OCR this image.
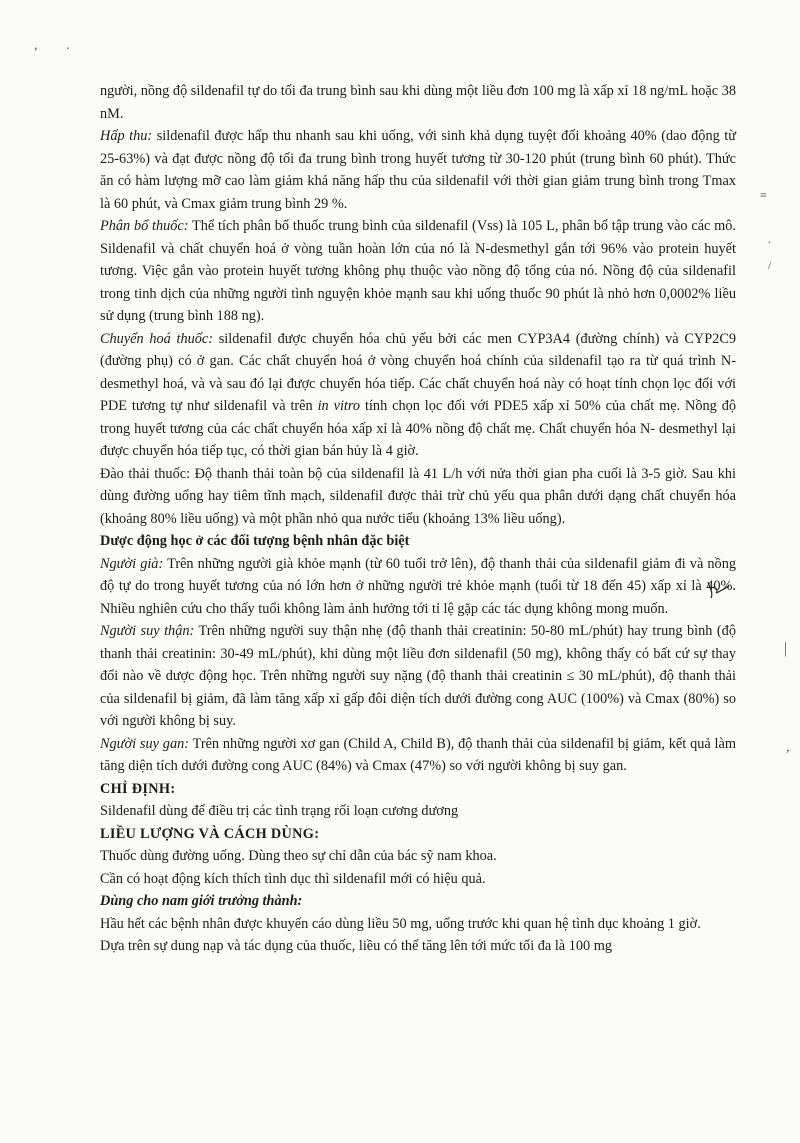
, .
≡
.
/
|
,

người, nồng độ sildenafil tự do tối đa trung bình sau khi dùng một liều đơn 100 mg là xấp xỉ 18 ng/mL hoặc 38 nM.

Hấp thu: sildenafil được hấp thu nhanh sau khi uống, với sinh khả dụng tuyệt đối khoảng 40% (dao động từ 25-63%) và đạt được nồng độ tối đa trung bình trong huyết tương từ 30-120 phút (trung bình 60 phút). Thức ăn có hàm lượng mỡ cao làm giảm khả năng hấp thu của sildenafil với thời gian giảm trung bình trong Tmax là 60 phút, và Cmax giảm trung bình 29 %.

Phân bổ thuốc: Thể tích phân bố thuốc trung bình của sildenafil (Vss) là 105 L, phân bố tập trung vào các mô. Sildenafil và chất chuyển hoá ở vòng tuần hoàn lớn của nó là N-desmethyl gắn tới 96% vào protein huyết tương. Việc gắn vào protein huyết tương không phụ thuộc vào nồng độ tổng của nó. Nồng độ của sildenafil trong tinh dịch của những người tình nguyện khỏe mạnh sau khi uống thuốc 90 phút là nhỏ hơn 0,0002% liều sử dụng (trung bình 188 ng).

Chuyển hoá thuốc: sildenafil được chuyển hóa chủ yếu bởi các men CYP3A4 (đường chính) và CYP2C9 (đường phụ) có ở gan. Các chất chuyển hoá ở vòng chuyển hoá chính của sildenafil tạo ra từ quá trình N-desmethyl hoá, và và sau đó lại được chuyển hóa tiếp. Các chất chuyển hoá này có hoạt tính chọn lọc đối với PDE tương tự như sildenafil và trên in vitro tính chọn lọc đối với PDE5 xấp xỉ 50% của chất mẹ. Nồng độ trong huyết tương của các chất chuyển hóa xấp xỉ là 40% nồng độ chất mẹ. Chất chuyển hóa N- desmethyl lại được chuyển hóa tiếp tục, có thời gian bán hủy là 4 giờ.

Đào thải thuốc: Độ thanh thải toàn bộ của sildenafil là 41 L/h với nửa thời gian pha cuối là 3-5 giờ. Sau khi dùng đường uống hay tiêm tĩnh mạch, sildenafil được thải trừ chủ yếu qua phân dưới dạng chất chuyển hóa (khoảng 80% liều uống) và một phần nhỏ qua nước tiểu (khoảng 13% liều uống).

Dược động học ở các đối tượng bệnh nhân đặc biệt

Người già: Trên những người già khỏe mạnh (từ 60 tuổi trở lên), độ thanh thải của sildenafil giảm đi và nồng độ tự do trong huyết tương của nó lớn hơn ở những người trẻ khỏe mạnh (tuổi từ 18 đến 45) xấp xỉ là 40%. Nhiều nghiên cứu cho thấy tuổi không làm ảnh hưởng tới tỉ lệ gặp các tác dụng không mong muốn.

Người suy thận: Trên những người suy thận nhẹ (độ thanh thải creatinin: 50-80 mL/phút) hay trung bình (độ thanh thải creatinin: 30-49 mL/phút), khi dùng một liều đơn sildenafil (50 mg), không thấy có bất cứ sự thay đổi nào về dược động học. Trên những người suy nặng (độ thanh thải creatinin ≤ 30 mL/phút), độ thanh thải của sildenafil bị giảm, đã làm tăng xấp xỉ gấp đôi diện tích dưới đường cong AUC (100%) và Cmax (80%) so với người không bị suy.

Người suy gan: Trên những người xơ gan (Child A, Child B), độ thanh thải của sildenafil bị giảm, kết quả làm tăng diện tích dưới đường cong AUC (84%) và Cmax (47%) so với người không bị suy gan.

CHỈ ĐỊNH:

Sildenafil dùng để điều trị các tình trạng rối loạn cương dương

LIỀU LƯỢNG VÀ CÁCH DÙNG:

Thuốc dùng đường uống. Dùng theo sự chỉ dẫn của bác sỹ nam khoa.

Cần có hoạt động kích thích tình dục thì sildenafil mới có hiệu quả.

Dùng cho nam giới trưởng thành:

Hầu hết các bệnh nhân được khuyến cáo dùng liều 50 mg, uống trước khi quan hệ tình dục khoảng 1 giờ.

Dựa trên sự dung nạp và tác dụng của thuốc, liều có thể tăng lên tới mức tối đa là 100 mg
